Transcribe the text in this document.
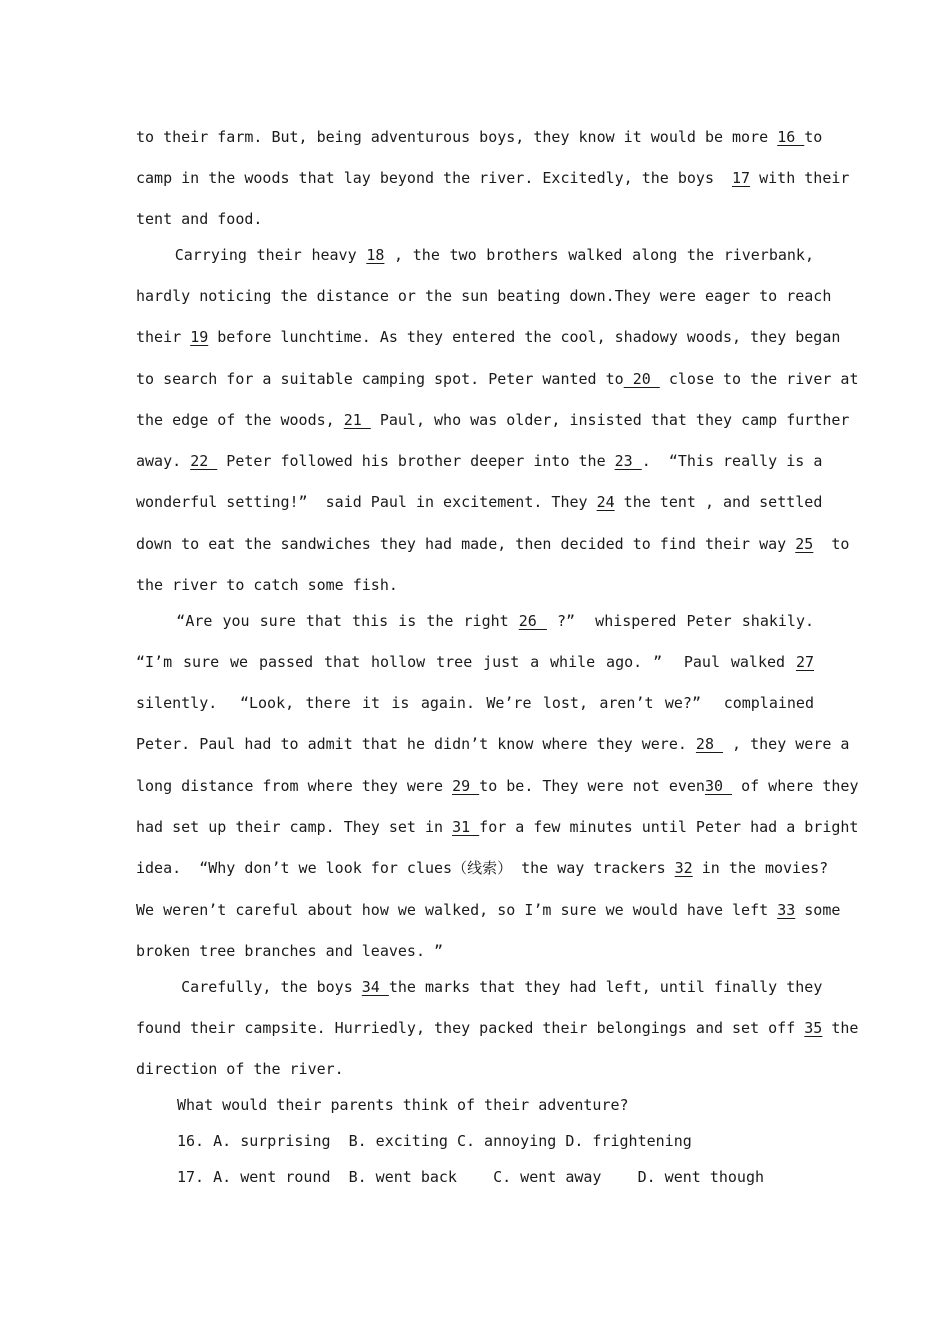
to their farm. But, being adventurous boys, they know it would be more 16 to
camp in the woods that lay beyond the river. Excitedly, the boys  17 with their
tent and food.
Carrying their heavy 18 , the two brothers walked along the riverbank,
hardly noticing the distance or the sun beating down.They were eager to reach
their 19 before lunchtime. As they entered the cool, shadowy woods, they began
to search for a suitable camping spot. Peter wanted to 20  close to the river at
the edge of the woods, 21  Paul, who was older, insisted that they camp further
away. 22  Peter followed his brother deeper into the 23 .  “This really is a
wonderful setting!”  said Paul in excitement. They 24 the tent , and settled
down to eat the sandwiches they had made, then decided to find their way 25  to
the river to catch some fish.
“Are you sure that this is the right 26  ?”  whispered Peter shakily.
“I’m sure we passed that hollow tree just a while ago. ”  Paul walked 27
silently.  “Look, there it is again. We’re lost, aren’t we?”  complained
Peter. Paul had to admit that he didn’t know where they were. 28  , they were a
long distance from where they were 29 to be. They were not even30  of where they
had set up their camp. They set in 31 for a few minutes until Peter had a bright
idea.  “Why don’t we look for clues（线索） the way trackers 32 in the movies?
We weren’t careful about how we walked, so I’m sure we would have left 33 some
broken tree branches and leaves. ”
Carefully, the boys 34 the marks that they had left, until finally they
found their campsite. Hurriedly, they packed their belongings and set off 35 the
direction of the river.
What would their parents think of their adventure?
16. A. surprising  B. exciting C. annoying D. frightening
17. A. went round  B. went back    C. went away    D. went though
